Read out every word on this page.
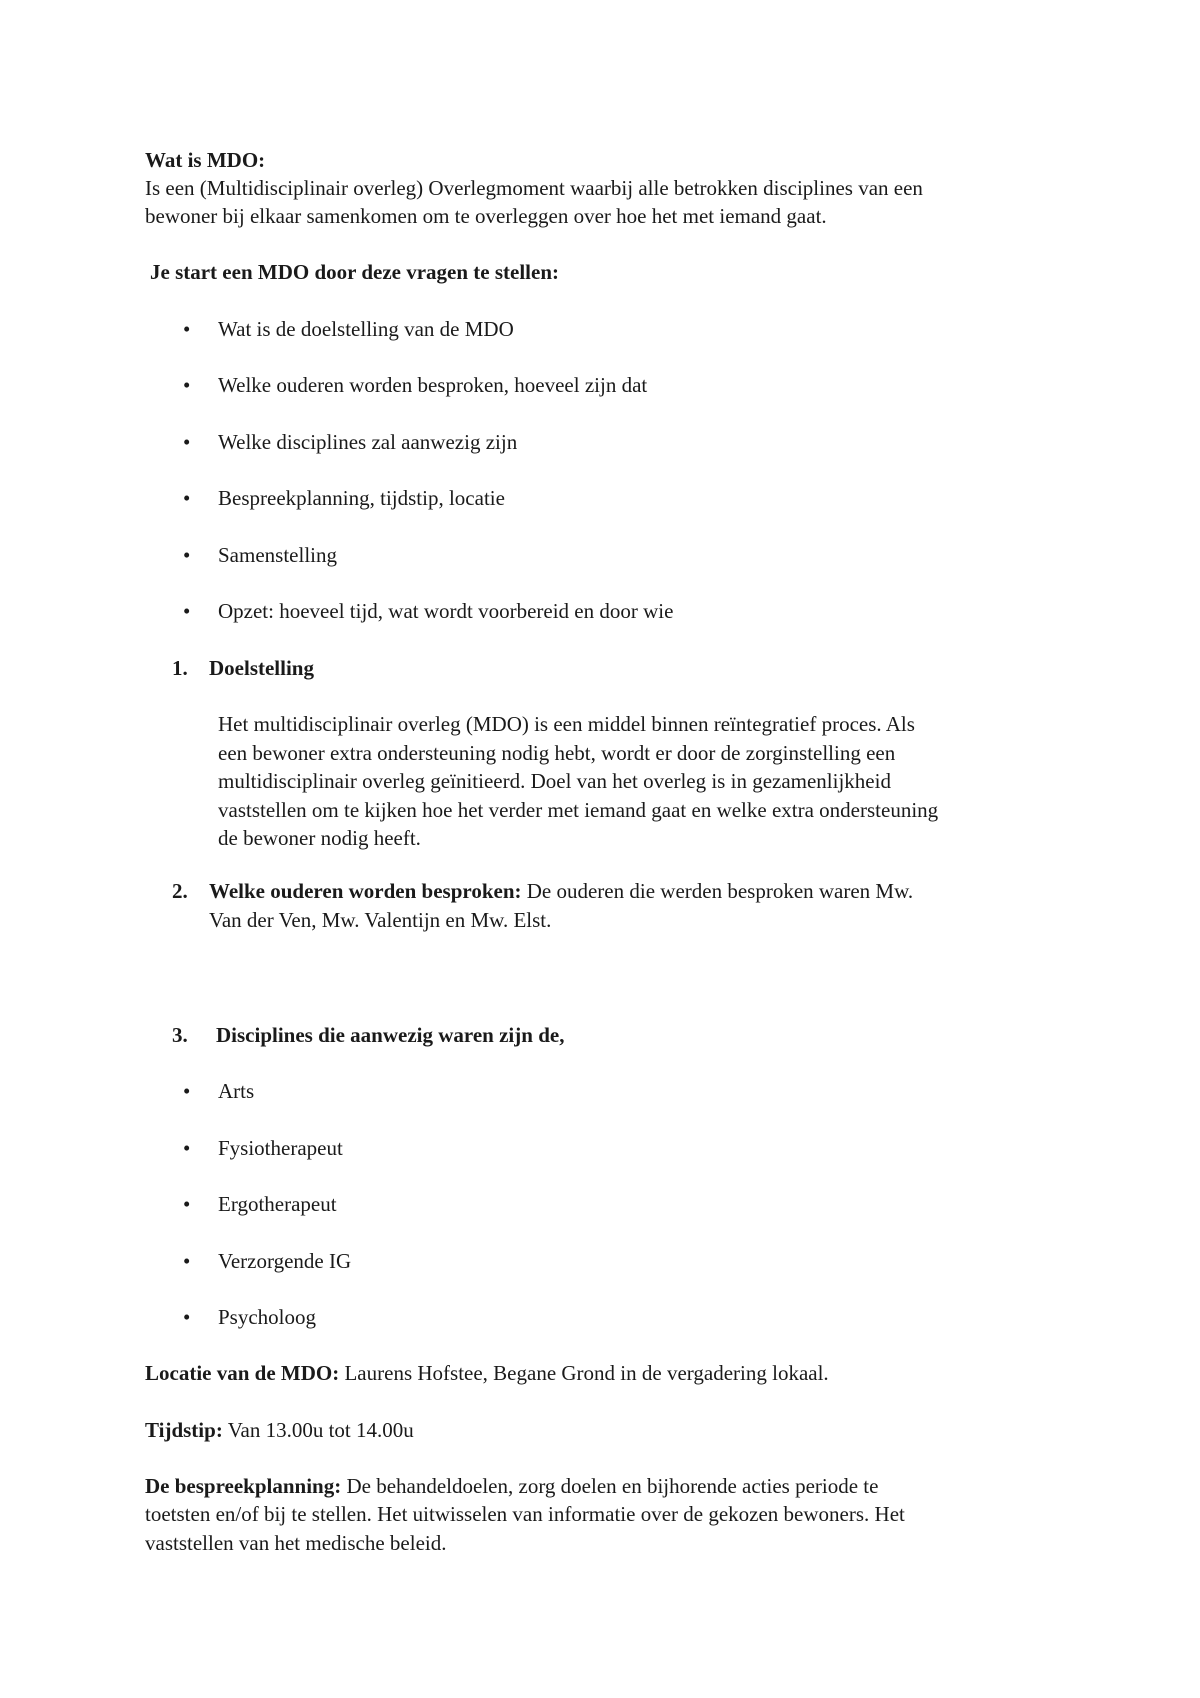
Wat is MDO:
Is een (Multidisciplinair overleg) Overlegmoment waarbij alle betrokken disciplines van een
bewoner bij elkaar samenkomen om te overleggen over hoe het met iemand gaat.
Je start een MDO door deze vragen te stellen:
• Wat is de doelstelling van de MDO
• Welke ouderen worden besproken, hoeveel zijn dat
• Welke disciplines zal aanwezig zijn
• Bespreekplanning, tijdstip, locatie
• Samenstelling
• Opzet: hoeveel tijd, wat wordt voorbereid en door wie
1. Doelstelling
Het multidisciplinair overleg (MDO) is een middel binnen reïntegratief proces. Als
een bewoner extra ondersteuning nodig hebt, wordt er door de zorginstelling een
multidisciplinair overleg geïnitieerd. Doel van het overleg is in gezamenlijkheid
vaststellen om te kijken hoe het verder met iemand gaat en welke extra ondersteuning
de bewoner nodig heeft.
2. Welke ouderen worden besproken: De ouderen die werden besproken waren Mw.
Van der Ven, Mw. Valentijn en Mw. Elst.
3. Disciplines die aanwezig waren zijn de,
• Arts
• Fysiotherapeut
• Ergotherapeut
• Verzorgende IG
• Psycholoog
Locatie van de MDO: Laurens Hofstee, Begane Grond in de vergadering lokaal.
Tijdstip: Van 13.00u tot 14.00u
De bespreekplanning: De behandeldoelen, zorg doelen en bijhorende acties periode te
toetsten en/of bij te stellen. Het uitwisselen van informatie over de gekozen bewoners. Het
vaststellen van het medische beleid.
